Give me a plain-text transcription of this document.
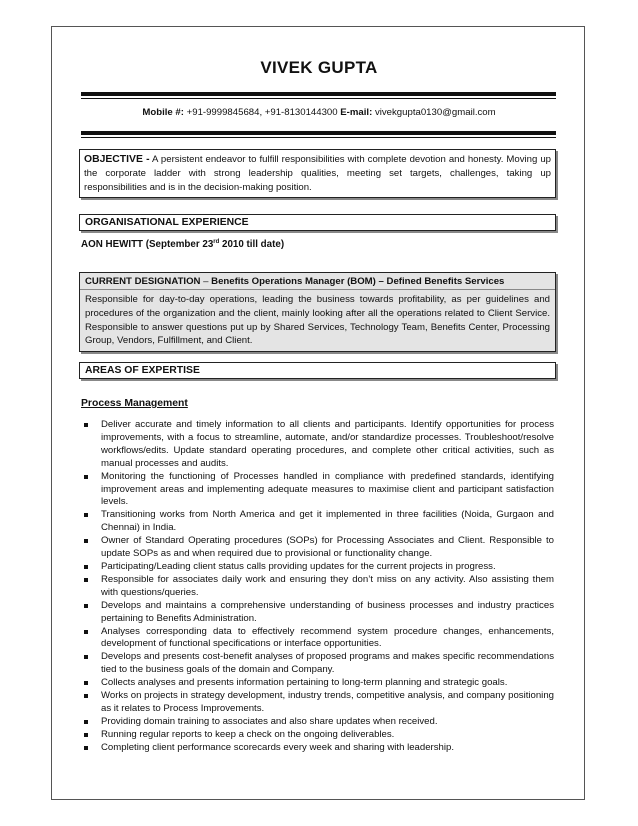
VIVEK GUPTA
Mobile #: +91-9999845684, +91-8130144300 E-mail: vivekgupta0130@gmail.com
OBJECTIVE - A persistent endeavor to fulfill responsibilities with complete devotion and honesty. Moving up the corporate ladder with strong leadership qualities, meeting set targets, challenges, taking up responsibilities and is in the decision-making position.
ORGANISATIONAL EXPERIENCE
AON HEWITT (September 23rd 2010 till date)
CURRENT DESIGNATION – Benefits Operations Manager (BOM) – Defined Benefits Services
Responsible for day-to-day operations, leading the business towards profitability, as per guidelines and procedures of the organization and the client, mainly looking after all the operations related to Client Service. Responsible to answer questions put up by Shared Services, Technology Team, Benefits Center, Processing Group, Vendors, Fulfillment, and Client.
AREAS OF EXPERTISE
Process Management
Deliver accurate and timely information to all clients and participants. Identify opportunities for process improvements, with a focus to streamline, automate, and/or standardize processes. Troubleshoot/resolve workflows/edits. Update standard operating procedures, and complete other critical activities, such as manual processes and audits.
Monitoring the functioning of Processes handled in compliance with predefined standards, identifying improvement areas and implementing adequate measures to maximise client and participant satisfaction levels.
Transitioning works from North America and get it implemented in three facilities (Noida, Gurgaon and Chennai) in India.
Owner of Standard Operating procedures (SOPs) for Processing Associates and Client. Responsible to update SOPs as and when required due to provisional or functionality change.
Participating/Leading client status calls providing updates for the current projects in progress.
Responsible for associates daily work and ensuring they don’t miss on any activity. Also assisting them with questions/queries.
Develops and maintains a comprehensive understanding of business processes and industry practices pertaining to Benefits Administration.
Analyses corresponding data to effectively recommend system procedure changes, enhancements, development of functional specifications or interface opportunities.
Develops and presents cost-benefit analyses of proposed programs and makes specific recommendations tied to the business goals of the domain and Company.
Collects analyses and presents information pertaining to long-term planning and strategic goals.
Works on projects in strategy development, industry trends, competitive analysis, and company positioning as it relates to Process Improvements.
Providing domain training to associates and also share updates when received.
Running regular reports to keep a check on the ongoing deliverables.
Completing client performance scorecards every week and sharing with leadership.
